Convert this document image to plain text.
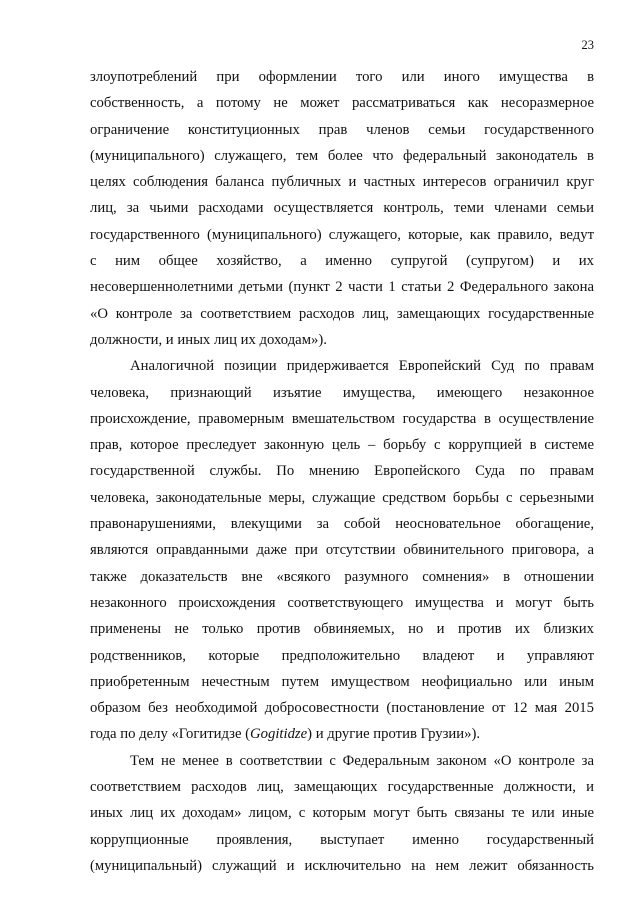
23
злоупотреблений при оформлении того или иного имущества в
собственность, а потому не может рассматриваться как несоразмерное
ограничение конституционных прав членов семьи государственного
(муниципального) служащего, тем более что федеральный законодатель в
целях соблюдения баланса публичных и частных интересов ограничил круг
лиц, за чьими расходами осуществляется контроль, теми членами семьи
государственного (муниципального) служащего, которые, как правило, ведут
с ним общее хозяйство, а именно супругой (супругом) и их
несовершеннолетними детьми (пункт 2 части 1 статьи 2 Федерального закона
«О контроле за соответствием расходов лиц, замещающих государственные
должности, и иных лиц их доходам»).
Аналогичной позиции придерживается Европейский Суд по правам
человека, признающий изъятие имущества, имеющего незаконное
происхождение, правомерным вмешательством государства в осуществление
прав, которое преследует законную цель – борьбу с коррупцией в системе
государственной службы. По мнению Европейского Суда по правам
человека, законодательные меры, служащие средством борьбы с серьезными
правонарушениями, влекущими за собой неосновательное обогащение,
являются оправданными даже при отсутствии обвинительного приговора, а
также доказательств вне «всякого разумного сомнения» в отношении
незаконного происхождения соответствующего имущества и могут быть
применены не только против обвиняемых, но и против их близких
родственников, которые предположительно владеют и управляют
приобретенным нечестным путем имуществом неофициально или иным
образом без необходимой добросовестности (постановление от 12 мая 2015
года по делу «Гогитидзе (Gogitidze) и другие против Грузии»).
Тем не менее в соответствии с Федеральным законом «О контроле за
соответствием расходов лиц, замещающих государственные должности, и
иных лиц их доходам» лицом, с которым могут быть связаны те или иные
коррупционные проявления, выступает именно государственный
(муниципальный) служащий и исключительно на нем лежит обязанность
